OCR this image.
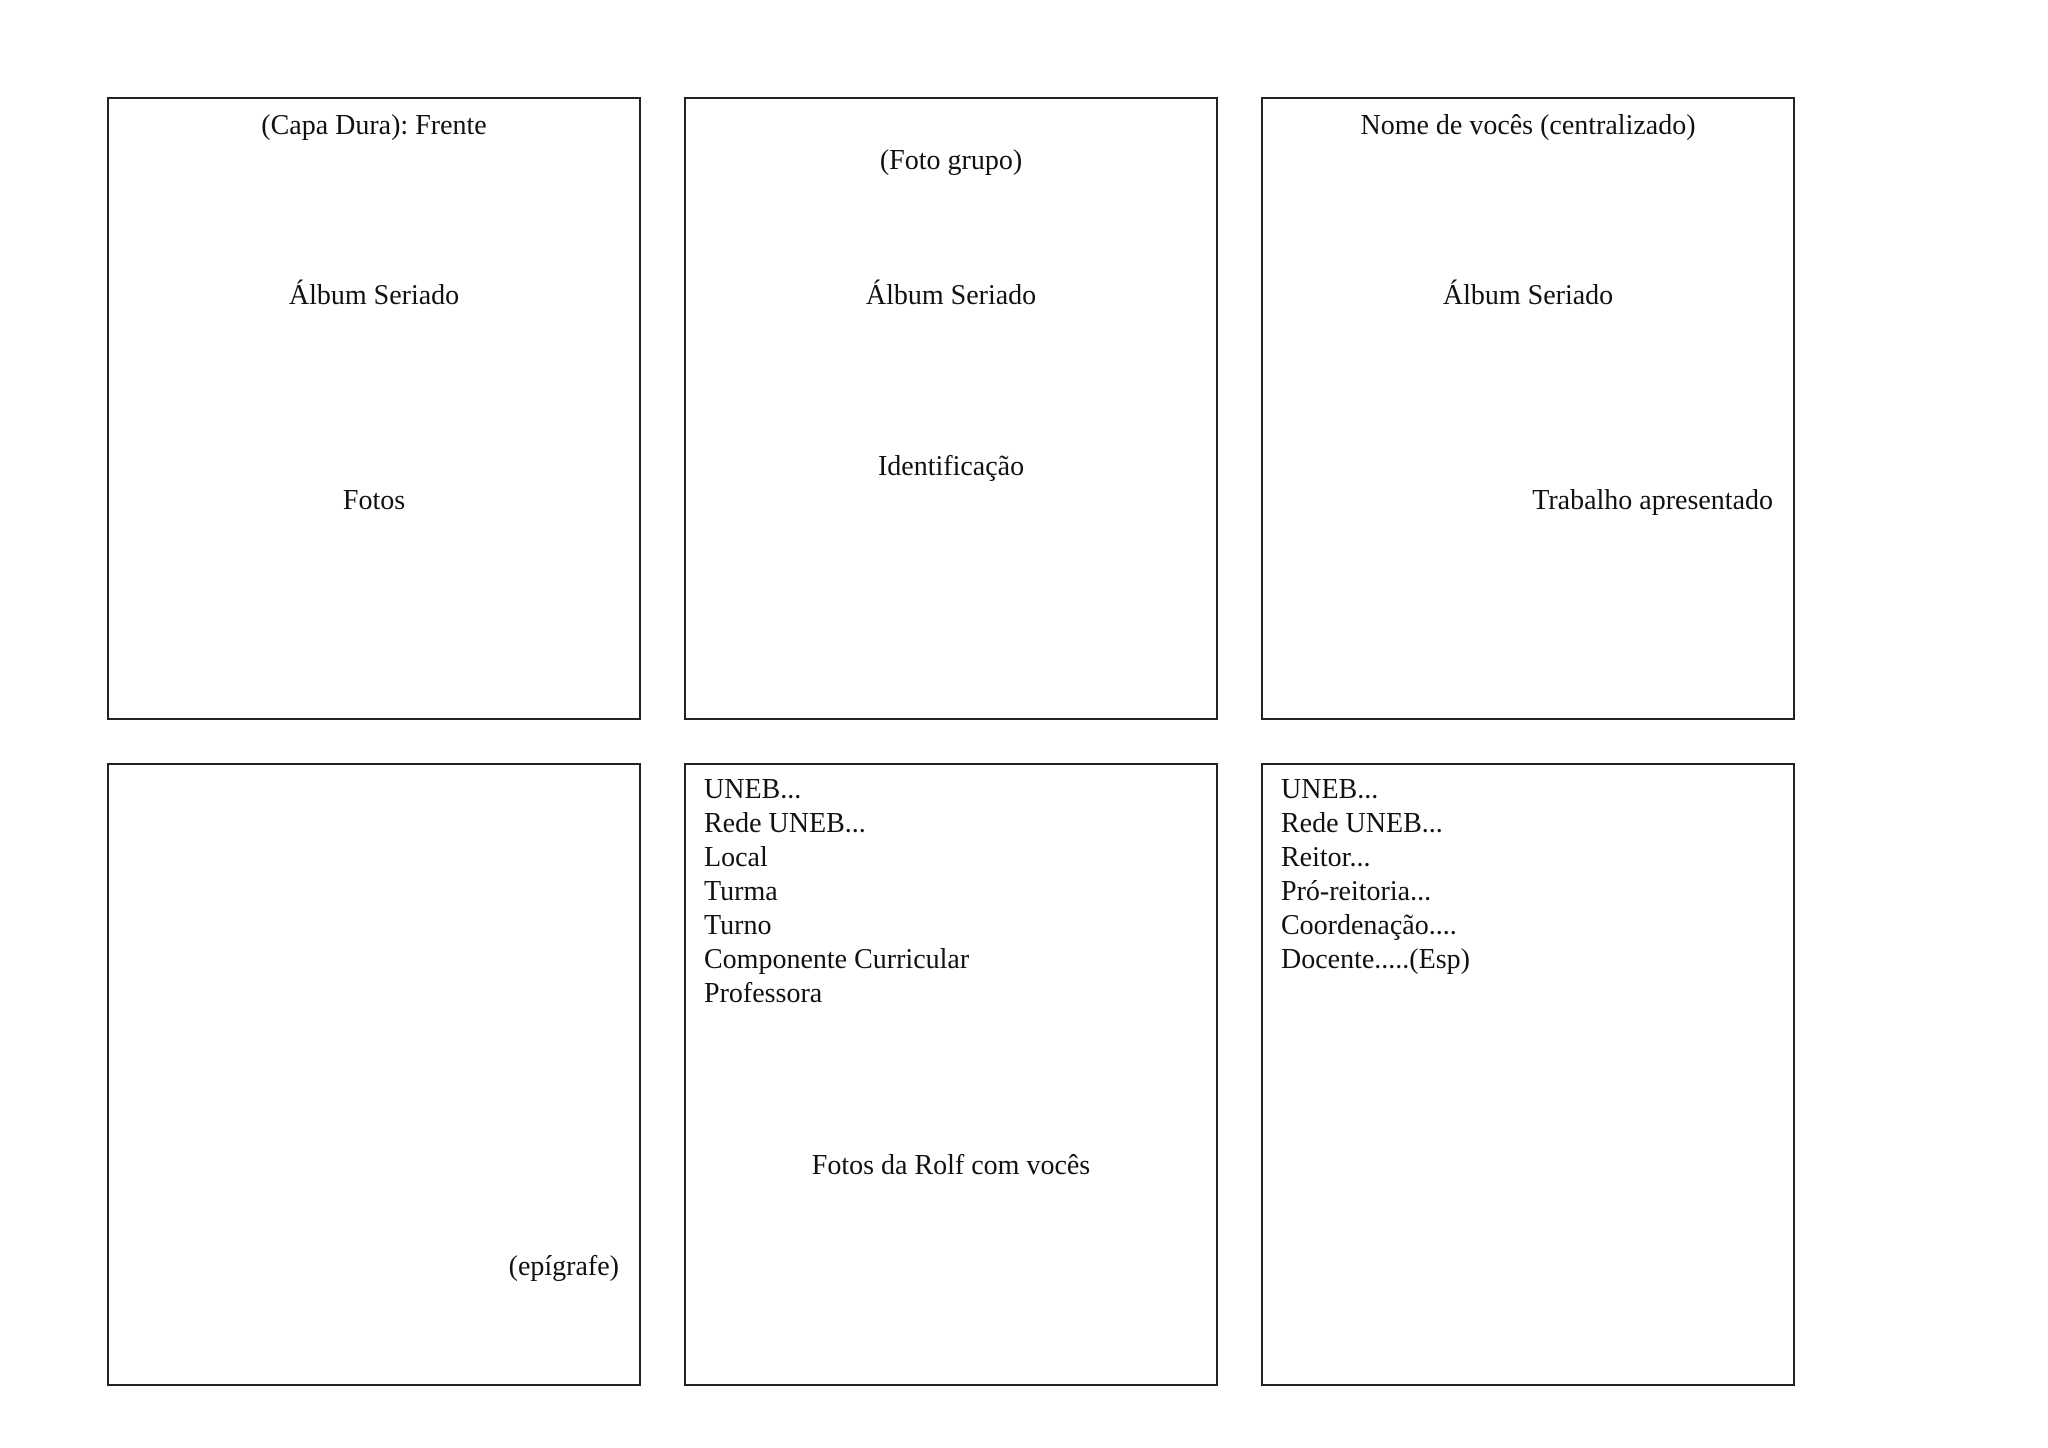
(Capa Dura): Frente
Álbum Seriado
Fotos
(Foto grupo)
Álbum Seriado
Identificação
Nome de vocês (centralizado)
Álbum Seriado
Trabalho apresentado
(epígrafe)
UNEB...
Rede UNEB...
Local
Turma
Turno
Componente Curricular
Professora
Fotos da Rolf com vocês
UNEB...
Rede UNEB...
Reitor...
Pró-reitoria...
Coordenação....
Docente.....(Esp)
